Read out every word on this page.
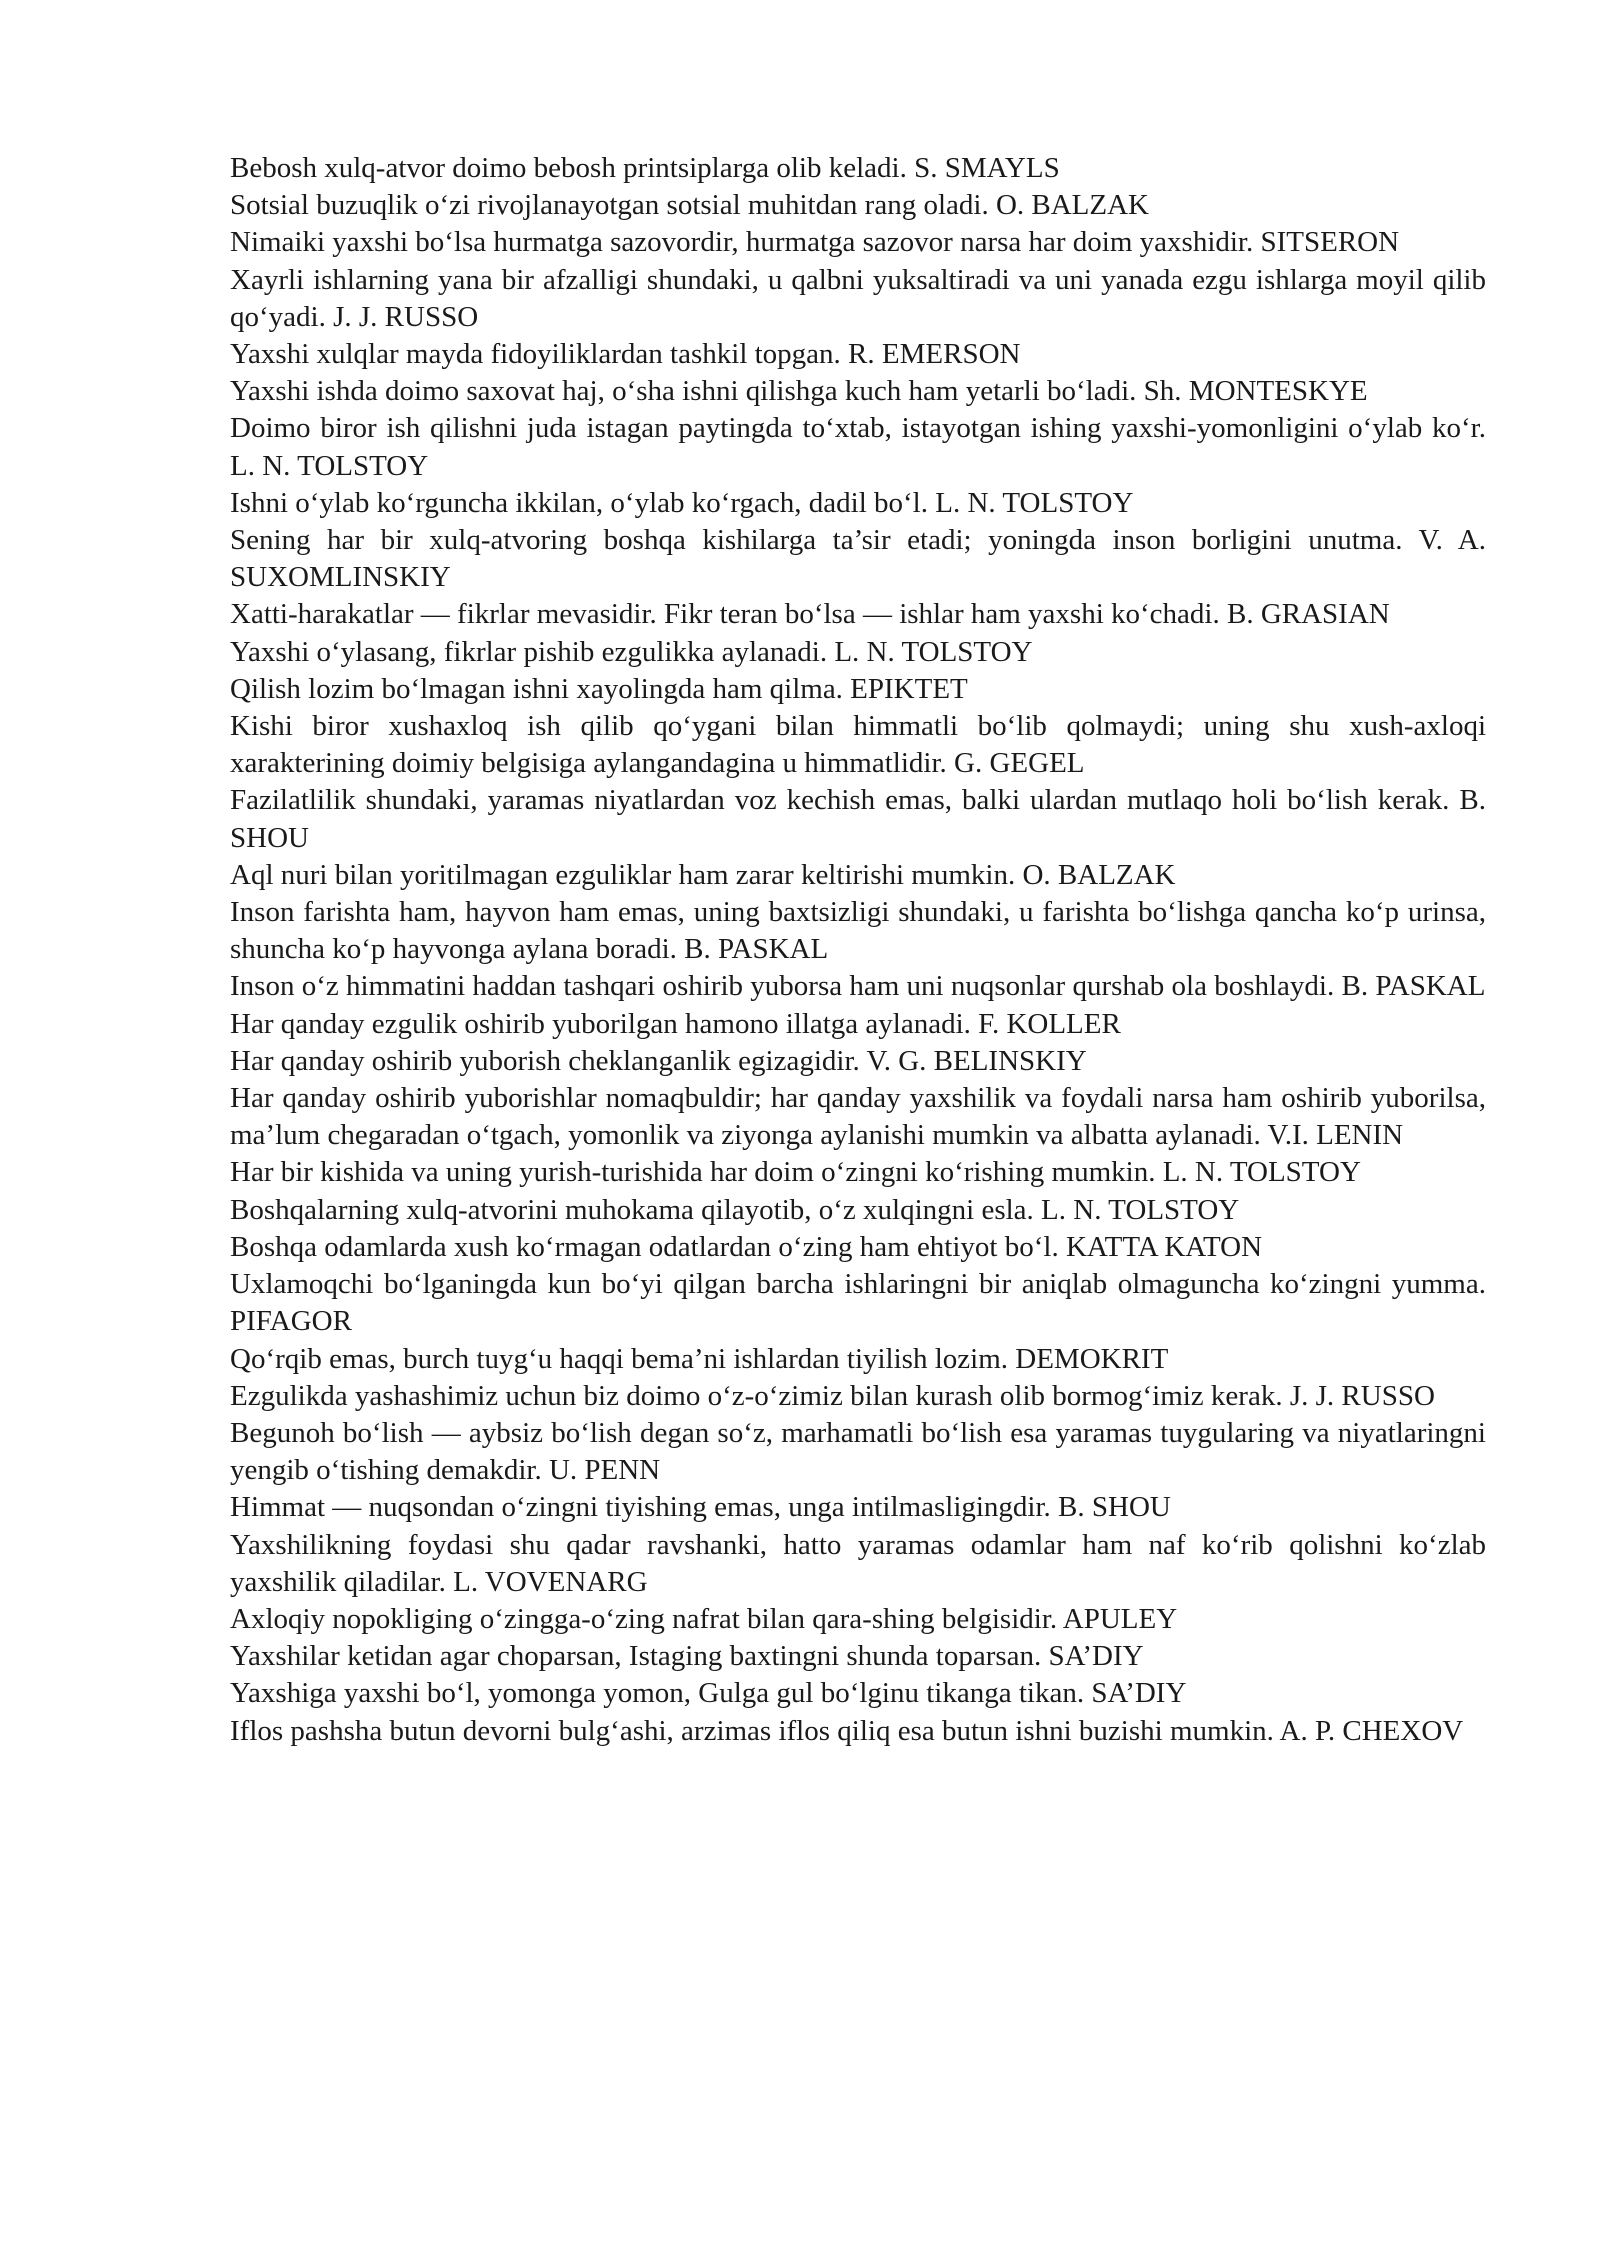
Bebosh xulq-atvor doimo bebosh printsiplarga olib keladi. S. SMAYLS

Sotsial buzuqlik o‘zi rivojlanayotgan sotsial muhitdan rang oladi. O. BALZAK

Nimaiki yaxshi bo‘lsa hurmatga sazovordir, hurmatga sazovor narsa har doim yaxshidir. SITSERON

Xayrli ishlarning yana bir afzalligi shundaki, u qalbni yuksaltiradi va uni yanada ezgu ishlarga moyil qilib qo‘yadi. J. J. RUSSO

Yaxshi xulqlar mayda fidoyiliklardan tashkil topgan. R. EMERSON

Yaxshi ishda doimo saxovat haj, o‘sha ishni qilishga kuch ham yetarli bo‘ladi. Sh. MONTESKYE

Doimo biror ish qilishni juda istagan paytingda to‘xtab, istayotgan ishing yaxshi-yomonligini o‘ylab ko‘r. L. N. TOLSTOY

Ishni o‘ylab ko‘rguncha ikkilan, o‘ylab ko‘rgach, dadil bo‘l. L. N. TOLSTOY

Sening har bir xulq-atvoring boshqa kishilarga ta’sir etadi; yoningda inson borligini unutma. V. A. SUXOMLINSKIY

Xatti-harakatlar — fikrlar mevasidir. Fikr teran bo‘lsa — ishlar ham yaxshi ko‘chadi. B. GRASIAN

Yaxshi o‘ylasang, fikrlar pishib ezgulikka aylanadi. L. N. TOLSTOY

Qilish lozim bo‘lmagan ishni xayolingda ham qilma. EPIKTET

Kishi biror xushaxloq ish qilib qo‘ygani bilan himmatli bo‘lib qolmaydi; uning shu xush-axloqi xarakterining doimiy belgisiga aylangandagina u himmatlidir. G. GEGEL

Fazilatlilik shundaki, yaramas niyatlardan voz kechish emas, balki ulardan mutlaqo holi bo‘lish kerak. B. SHOU

Aql nuri bilan yoritilmagan ezguliklar ham zarar keltirishi mumkin. O. BALZAK

Inson farishta ham, hayvon ham emas, uning baxtsizligi shundaki, u farishta bo‘lishga qancha ko‘p urinsa, shuncha ko‘p hayvonga aylana boradi. B. PASKAL

Inson o‘z himmatini haddan tashqari oshirib yuborsa ham uni nuqsonlar qurshab ola boshlaydi. B. PASKAL

Har qanday ezgulik oshirib yuborilgan hamono illatga aylanadi. F. KOLLER

Har qanday oshirib yuborish cheklanganlik egizagidir. V. G. BELINSKIY

Har qanday oshirib yuborishlar nomaqbuldir; har qanday yaxshilik va foydali narsa ham oshirib yuborilsa, ma’lum chegaradan o‘tgach, yomonlik va ziyonga aylanishi mumkin va albatta aylanadi. V.I. LENIN

Har bir kishida va uning yurish-turishida har doim o‘zingni ko‘rishing mumkin. L. N. TOLSTOY

Boshqalarning xulq-atvorini muhokama qilayotib, o‘z xulqingni esla. L. N. TOLSTOY

Boshqa odamlarda xush ko‘rmagan odatlardan o‘zing ham ehtiyot bo‘l. KATTA KATON

Uxlamoqchi bo‘lganingda kun bo‘yi qilgan barcha ishlaringni bir aniqlab olmaguncha ko‘zingni yumma. PIFAGOR

Qo‘rqib emas, burch tuyg‘u haqqi bema’ni ishlardan tiyilish lozim. DEMOKRIT

Ezgulikda yashashimiz uchun biz doimo o‘z-o‘zimiz bilan kurash olib bormog‘imiz kerak. J. J. RUSSO

Begunoh bo‘lish — aybsiz bo‘lish degan so‘z, marhamatli bo‘lish esa yaramas tuygularing va niyatlaringni yengib o‘tishing demakdir. U. PENN

Himmat — nuqsondan o‘zingni tiyishing emas, unga intilmasligingdir. B. SHOU

Yaxshilikning foydasi shu qadar ravshanki, hatto yaramas odamlar ham naf ko‘rib qolishni ko‘zlab yaxshilik qiladilar. L. VOVENARG

Axloqiy nopokliging o‘zingga-o‘zing nafrat bilan qara-shing belgisidir. APULEY

Yaxshilar ketidan agar choparsan, Istaging baxtingni shunda toparsan. SA’DIY

Yaxshiga yaxshi bo‘l, yomonga yomon, Gulga gul bo‘lginu tikanga tikan. SA’DIY

Iflos pashsha butun devorni bulg‘ashi, arzimas iflos qiliq esa butun ishni buzishi mumkin. A. P. CHEXOV
